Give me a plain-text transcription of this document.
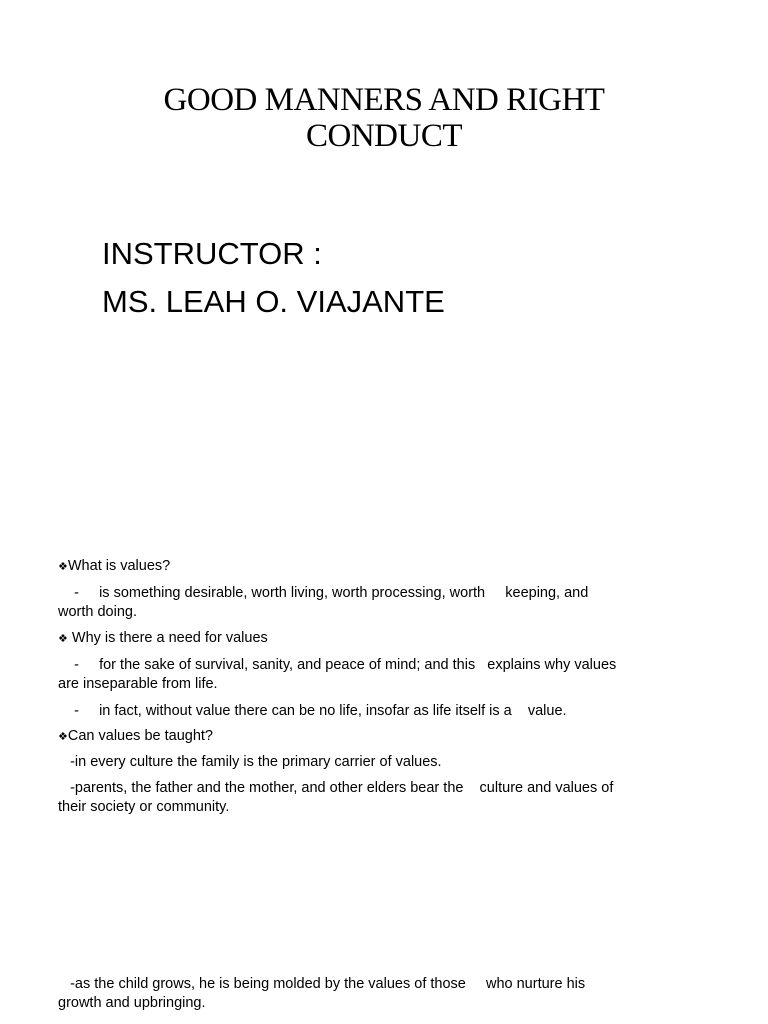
GOOD MANNERS AND RIGHT
CONDUCT
INSTRUCTOR :
MS. LEAH O. VIAJANTE
❖What is values?
-     is something desirable, worth living, worth processing, worth     keeping, and
worth doing.
❖ Why is there a need for values
-     for the sake of survival, sanity, and peace of mind; and this   explains why values
are inseparable from life.
-     in fact, without value there can be no life, insofar as life itself is a    value.
❖Can values be taught?
-in every culture the family is the primary carrier of values.
-parents, the father and the mother, and other elders bear the    culture and values of
their society or community.
-as the child grows, he is being molded by the values of those     who nurture his
growth and upbringing.
